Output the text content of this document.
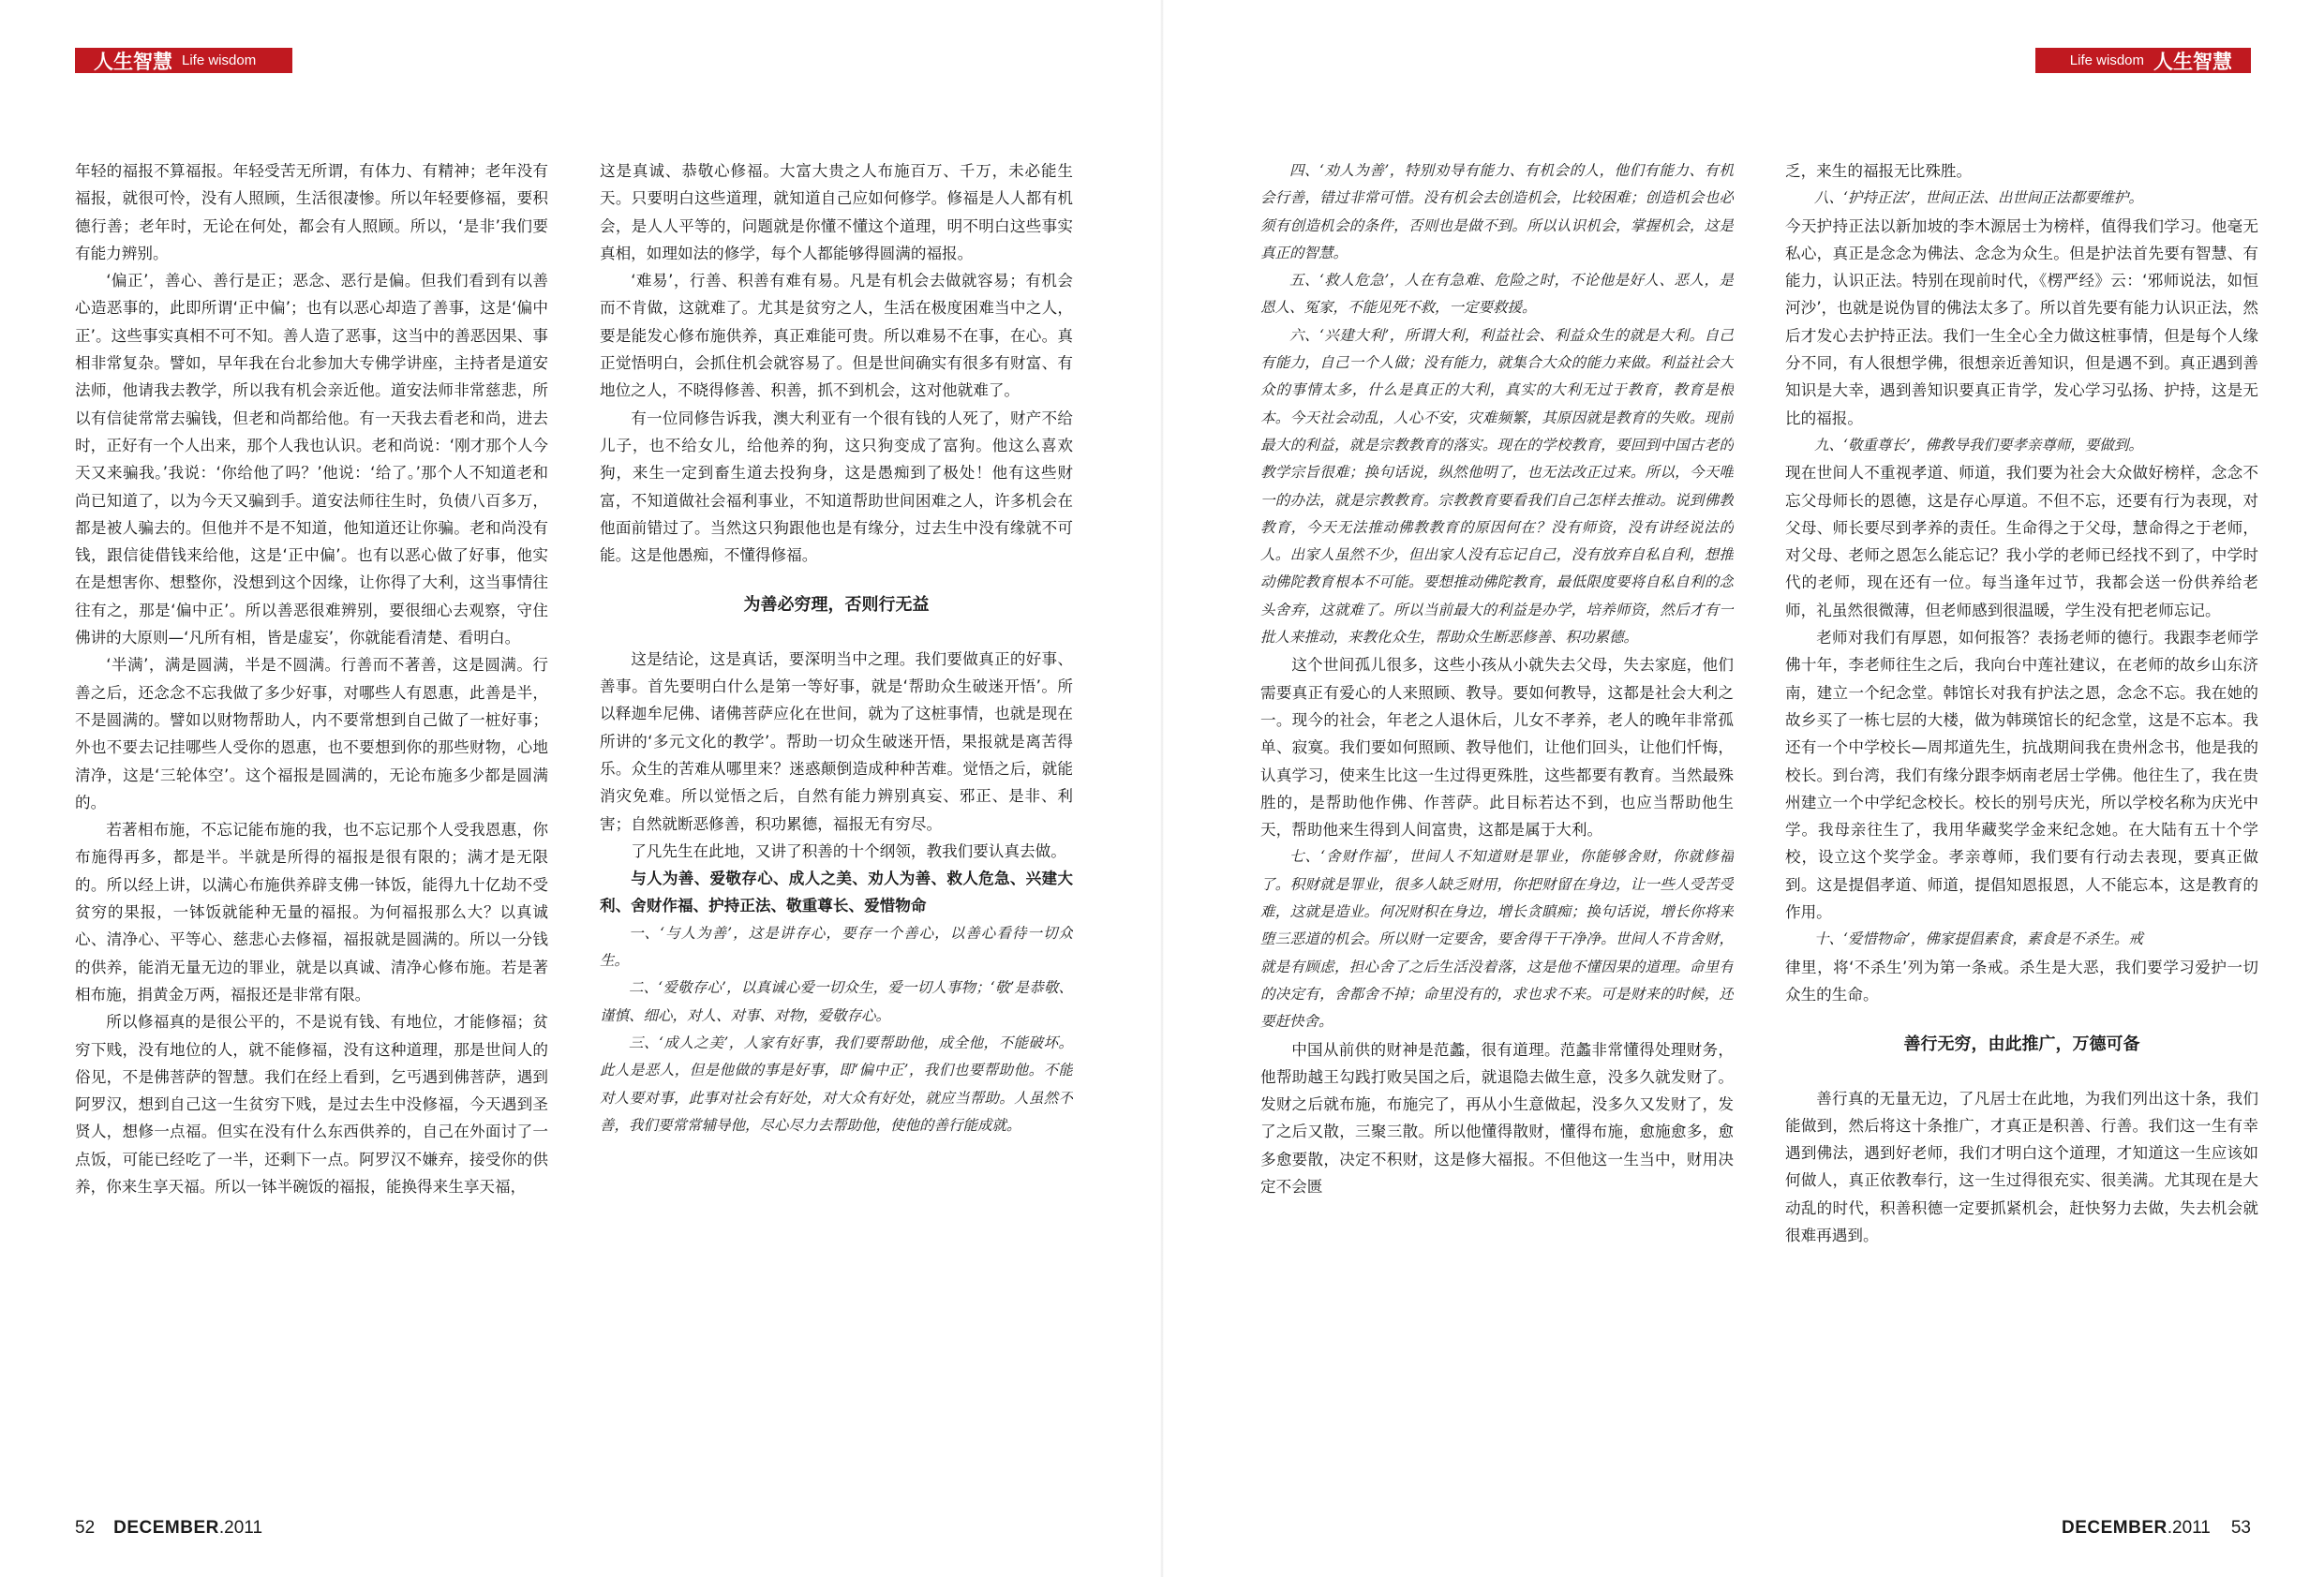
人生智慧 Life wisdom	Life wisdom 人生智慧

年轻的福报不算福报。年轻受苦无所谓，有体力、有精神；老年没有福报，就很可怜，没有人照顾，生活很凄惨。所以年轻要修福，要积德行善；老年时，无论在何处，都会有人照顾。所以，‘是非’我们要有能力辨别。

‘偏正’，善心、善行是正；恶念、恶行是偏。但我们看到有以善心造恶事的，此即所谓‘正中偏’；也有以恶心却造了善事，这是‘偏中正’。这些事实真相不可不知。善人造了恶事，这当中的善恶因果、事相非常复杂。譬如，早年我在台北参加大专佛学讲座，主持者是道安法师，他请我去教学，所以我有机会亲近他。道安法师非常慈悲，所以有信徒常常去骗钱，但老和尚都给他。有一天我去看老和尚，进去时，正好有一个人出来，那个人我也认识。老和尚说：‘刚才那个人今天又来骗我。’我说：‘你给他了吗？’他说：‘给了。’那个人不知道老和尚已知道了，以为今天又骗到手。道安法师往生时，负债八百多万，都是被人骗去的。但他并不是不知道，他知道还让你骗。老和尚没有钱，跟信徒借钱来给他，这是‘正中偏’。也有以恶心做了好事，他实在是想害你、想整你，没想到这个因缘，让你得了大利，这当事情往往有之，那是‘偏中正’。所以善恶很难辨别，要很细心去观察，守住佛讲的大原则—‘凡所有相，皆是虚妄’，你就能看清楚、看明白。

‘半满’，满是圆满，半是不圆满。行善而不著善，这是圆满。行善之后，还念念不忘我做了多少好事，对哪些人有恩惠，此善是半，不是圆满的。譬如以财物帮助人，内不要常想到自己做了一桩好事；外也不要去记挂哪些人受你的恩惠，也不要想到你的那些财物，心地清净，这是‘三轮体空’。这个福报是圆满的，无论布施多少都是圆满的。

若著相布施，不忘记能布施的我，也不忘记那个人受我恩惠，你布施得再多，都是半。半就是所得的福报是很有限的；满才是无限的。所以经上讲，以满心布施供养辟支佛一钵饭，能得九十亿劫不受贫穷的果报，一钵饭就能种无量的福报。为何福报那么大？以真诚心、清净心、平等心、慈悲心去修福，福报就是圆满的。所以一分钱的供养，能消无量无边的罪业，就是以真诚、清净心修布施。若是著相布施，捐黄金万两，福报还是非常有限。

所以修福真的是很公平的，不是说有钱、有地位，才能修福；贫穷下贱，没有地位的人，就不能修福，没有这种道理，那是世间人的俗见，不是佛菩萨的智慧。我们在经上看到，乞丐遇到佛菩萨，遇到阿罗汉，想到自己这一生贫穷下贱，是过去生中没修福，今天遇到圣贤人，想修一点福。但实在没有什么东西供养的，自己在外面讨了一点饭，可能已经吃了一半，还剩下一点。阿罗汉不嫌弃，接受你的供养，你来生享天福。所以一钵半碗饭的福报，能换得来生享天福，

这是真诚、恭敬心修福。大富大贵之人布施百万、千万，未必能生天。只要明白这些道理，就知道自己应如何修学。修福是人人都有机会，是人人平等的，问题就是你懂不懂这个道理，明不明白这些事实真相，如理如法的修学，每个人都能够得圆满的福报。

‘难易’，行善、积善有难有易。凡是有机会去做就容易；有机会而不肯做，这就难了。尤其是贫穷之人，生活在极度困难当中之人，要是能发心修布施供养，真正难能可贵。所以难易不在事，在心。真正觉悟明白，会抓住机会就容易了。但是世间确实有很多有财富、有地位之人，不晓得修善、积善，抓不到机会，这对他就难了。

有一位同修告诉我，澳大利亚有一个很有钱的人死了，财产不给儿子，也不给女儿，给他养的狗，这只狗变成了富狗。他这么喜欢狗，来生一定到畜生道去投狗身，这是愚痴到了极处！他有这些财富，不知道做社会福利事业，不知道帮助世间困难之人，许多机会在他面前错过了。当然这只狗跟他也是有缘分，过去生中没有缘就不可能。这是他愚痴，不懂得修福。

为善必穷理，否则行无益

这是结论，这是真话，要深明当中之理。我们要做真正的好事、善事。首先要明白什么是第一等好事，就是‘帮助众生破迷开悟’。所以释迦牟尼佛、诸佛菩萨应化在世间，就为了这桩事情，也就是现在所讲的‘多元文化的教学’。帮助一切众生破迷开悟，果报就是离苦得乐。众生的苦难从哪里来？迷惑颠倒造成种种苦难。觉悟之后，就能消灾免难。所以觉悟之后，自然有能力辨别真妄、邪正、是非、利害；自然就断恶修善，积功累德，福报无有穷尽。

了凡先生在此地，又讲了积善的十个纲领，教我们要认真去做。

与人为善、爱敬存心、成人之美、劝人为善、救人危急、兴建大利、舍财作福、护持正法、敬重尊长、爱惜物命

一、‘与人为善’，这是讲存心，要存一个善心，以善心看待一切众生。

二、‘爱敬存心’，以真诚心爱一切众生，爱一切人事物；‘敬’是恭敬、谨慎、细心，对人、对事、对物，爱敬存心。

三、‘成人之美’，人家有好事，我们要帮助他，成全他，不能破坏。此人是恶人，但是他做的事是好事，即‘偏中正’，我们也要帮助他。不能对人要对事，此事对社会有好处，对大众有好处，就应当帮助。人虽然不善，我们要常常辅导他，尽心尽力去帮助他，使他的善行能成就。

四、‘劝人为善’，特别劝导有能力、有机会的人，他们有能力、有机会行善，错过非常可惜。没有机会去创造机会，比较困难；创造机会也必须有创造机会的条件，否则也是做不到。所以认识机会，掌握机会，这是真正的智慧。

五、‘救人危急’，人在有急难、危险之时，不论他是好人、恶人，是恩人、冤家，不能见死不救，一定要救援。

六、‘兴建大利’，所谓大利，利益社会、利益众生的就是大利。自己有能力，自己一个人做；没有能力，就集合大众的能力来做。利益社会大众的事情太多，什么是真正的大利，真实的大利无过于教育，教育是根本。今天社会动乱，人心不安，灾难频繁，其原因就是教育的失败。现前最大的利益，就是宗教教育的落实。现在的学校教育，要回到中国古老的教学宗旨很难；换句话说，纵然他明了，也无法改正过来。所以，今天唯一的办法，就是宗教教育。宗教教育要看我们自己怎样去推动。说到佛教教育，今天无法推动佛教教育的原因何在？没有师资，没有讲经说法的人。出家人虽然不少，但出家人没有忘记自己，没有放弃自私自利，想推动佛陀教育根本不可能。要想推动佛陀教育，最低限度要将自私自利的念头舍弃，这就难了。所以当前最大的利益是办学，培养师资，然后才有一批人来推动，来教化众生，帮助众生断恶修善、积功累德。

这个世间孤儿很多，这些小孩从小就失去父母，失去家庭，他们需要真正有爱心的人来照顾、教导。要如何教导，这都是社会大利之一。现今的社会，年老之人退休后，儿女不孝养，老人的晚年非常孤单、寂寞。我们要如何照顾、教导他们，让他们回头，让他们忏悔，认真学习，使来生比这一生过得更殊胜，这些都要有教育。当然最殊胜的，是帮助他作佛、作菩萨。此目标若达不到，也应当帮助他生天，帮助他来生得到人间富贵，这都是属于大利。

七、‘舍财作福’，世间人不知道财是罪业，你能够舍财，你就修福了。积财就是罪业，很多人缺乏财用，你把财留在身边，让一些人受苦受难，这就是造业。何况财积在身边，增长贪瞋痴；换句话说，增长你将来堕三恶道的机会。所以财一定要舍，要舍得干干净净。世间人不肯舍财，就是有顾虑，担心舍了之后生活没着落，这是他不懂因果的道理。命里有的决定有，舍都舍不掉；命里没有的，求也求不来。可是财来的时候，还要赶快舍。

中国从前供的财神是范蠡，很有道理。范蠡非常懂得处理财务，他帮助越王勾践打败吴国之后，就退隐去做生意，没多久就发财了。发财之后就布施，布施完了，再从小生意做起，没多久又发财了，发了之后又散，三聚三散。所以他懂得散财，懂得布施，愈施愈多，愈多愈要散，决定不积财，这是修大福报。不但他这一生当中，财用决定不会匮

乏，来生的福报无比殊胜。

八、‘护持正法’，世间正法、出世间正法都要维护。

今天护持正法以新加坡的李木源居士为榜样，值得我们学习。他毫无私心，真正是念念为佛法、念念为众生。但是护法首先要有智慧、有能力，认识正法。特别在现前时代，《楞严经》云：‘邪师说法，如恒河沙’，也就是说伪冒的佛法太多了。所以首先要有能力认识正法，然后才发心去护持正法。我们一生全心全力做这桩事情，但是每个人缘分不同，有人很想学佛，很想亲近善知识，但是遇不到。真正遇到善知识是大幸，遇到善知识要真正肯学，发心学习弘扬、护持，这是无比的福报。

九、‘敬重尊长’，佛教导我们要孝亲尊师，要做到。

现在世间人不重视孝道、师道，我们要为社会大众做好榜样，念念不忘父母师长的恩德，这是存心厚道。不但不忘，还要有行为表现，对父母、师长要尽到孝养的责任。生命得之于父母，慧命得之于老师，对父母、老师之恩怎么能忘记？我小学的老师已经找不到了，中学时代的老师，现在还有一位。每当逢年过节，我都会送一份供养给老师，礼虽然很微薄，但老师感到很温暖，学生没有把老师忘记。

老师对我们有厚恩，如何报答？表扬老师的德行。我跟李老师学佛十年，李老师往生之后，我向台中莲社建议，在老师的故乡山东济南，建立一个纪念堂。韩馆长对我有护法之恩，念念不忘。我在她的故乡买了一栋七层的大楼，做为韩瑛馆长的纪念堂，这是不忘本。我还有一个中学校长—周邦道先生，抗战期间我在贵州念书，他是我的校长。到台湾，我们有缘分跟李炳南老居士学佛。他往生了，我在贵州建立一个中学纪念校长。校长的别号庆光，所以学校名称为庆光中学。我母亲往生了，我用华藏奖学金来纪念她。在大陆有五十个学校，设立这个奖学金。孝亲尊师，我们要有行动去表现，要真正做到。这是提倡孝道、师道，提倡知恩报恩，人不能忘本，这是教育的作用。

十、‘爱惜物命’，佛家提倡素食，素食是不杀生。戒

律里，将‘不杀生’列为第一条戒。杀生是大恶，我们要学习爱护一切众生的生命。

善行无穷，由此推广，万德可备

善行真的无量无边，了凡居士在此地，为我们列出这十条，我们能做到，然后将这十条推广，才真正是积善、行善。我们这一生有幸遇到佛法，遇到好老师，我们才明白这个道理，才知道这一生应该如何做人，真正依教奉行，这一生过得很充实、很美满。尤其现在是大动乱的时代，积善积德一定要抓紧机会，赶快努力去做，失去机会就很难再遇到。

52 DECEMBER .2011	DECEMBER .2011 53
